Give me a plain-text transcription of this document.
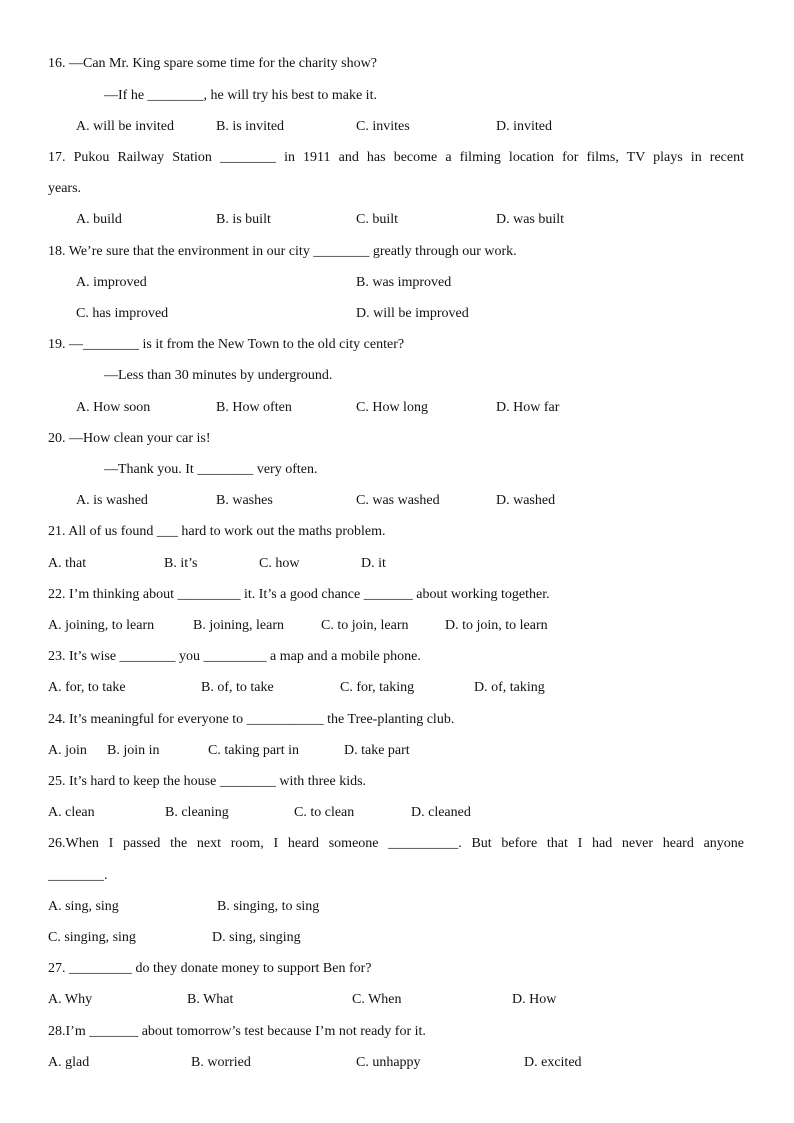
16. —Can Mr. King spare some time for the charity show?
—If he ________, he will try his best to make it.
A. will be invited	B. is invited	C. invites	D. invited
17. Pukou Railway Station ________ in 1911 and has become a filming location for films, TV plays in recent
years.
A. build	B. is built	C. built	D. was built
18. We’re sure that the environment in our city ________ greatly through our work.
A. improved	B. was improved
C. has improved	D. will be improved
19. —________ is it from the New Town to the old city center?
—Less than 30 minutes by underground.
A. How soon	B. How often	C. How long	D. How far
20. —How clean your car is!
—Thank you. It ________ very often.
A. is washed	B. washes	C. was washed	D. washed
21. All of us found ___ hard to work out the maths problem.
A. that	B. it’s	C. how	D. it
22. I’m thinking about _________ it. It’s a good chance _______ about working together.
A. joining, to learn	B. joining, learn	C. to join, learn	D. to join, to learn
23. It’s wise ________ you _________ a map and a mobile phone.
A. for, to take	B. of, to take	C. for, taking	D. of, taking
24. It’s meaningful for everyone to ___________ the Tree-planting club.
A. join B. join in	C. taking part in	D. take part
25. It’s hard to keep the house ________ with three kids.
A. clean	B. cleaning	C. to clean	D. cleaned
26.When I passed the next room, I heard someone __________. But before that I had never heard anyone
________.
A. sing, sing	B. singing, to sing
C. singing, sing	D. sing, singing
27. _________ do they donate money to support Ben for?
A. Why	B. What	C. When	D. How
28.I’m _______ about tomorrow’s test because I’m not ready for it.
A. glad	B. worried	C. unhappy	D. excited
